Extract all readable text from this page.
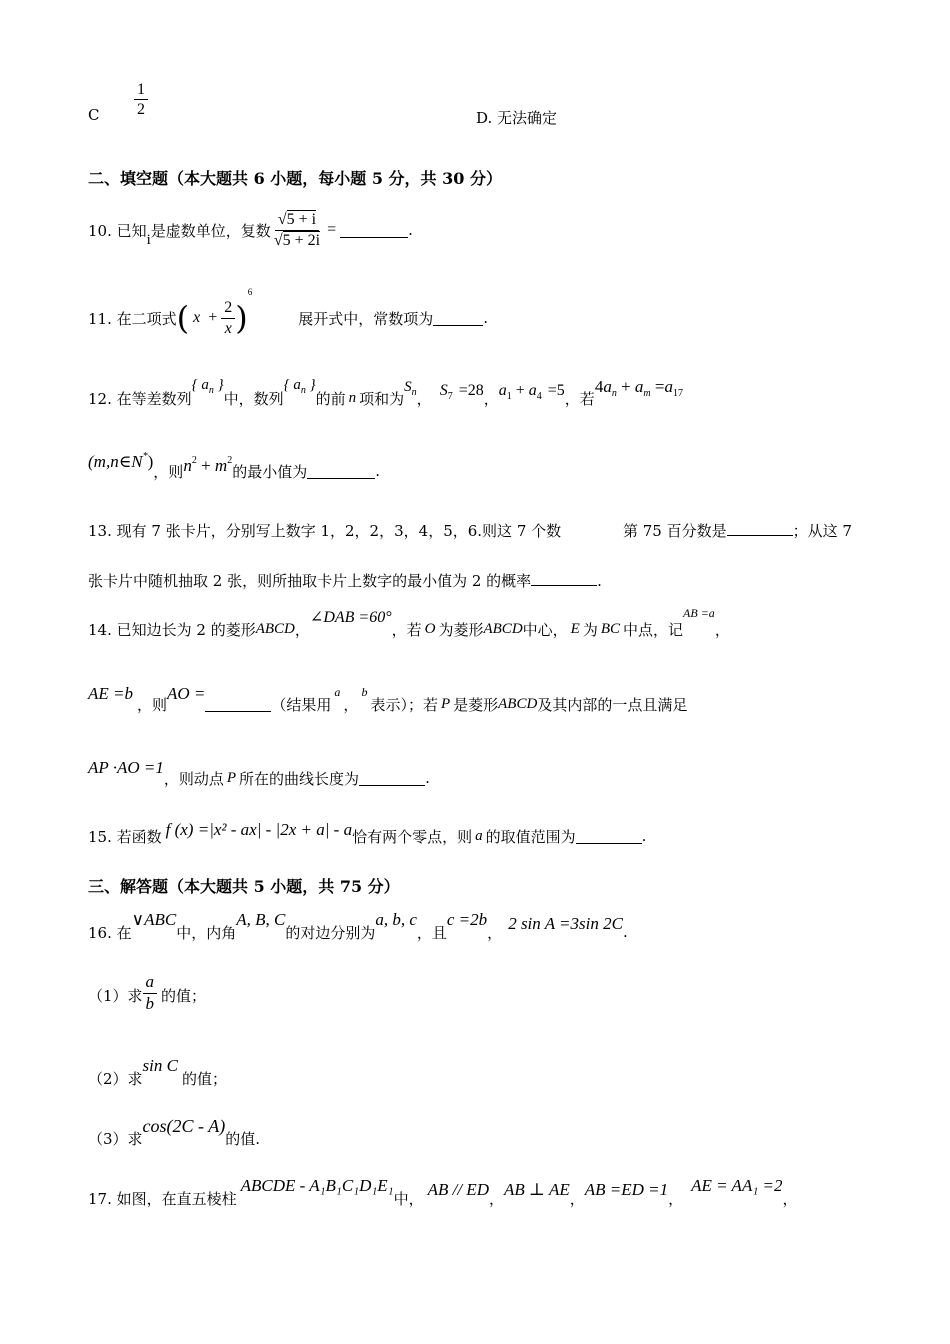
C $\frac{1}{2}$	D. 无法确定
二、填空题（本大题共 6 小题，每小题 5 分，共 30 分）
10. 已知 i 是虚数单位，复数 $\frac{√5 + i}{√5 + 2i}$ =	.
11. 在二项式 ( $x + \frac{2}{x}$ )
6
展开式中，常数项为	.
12. 在等差数列
{ $a_n$ }
中，数列
{ $a_n$ }
的前 n 项和为
$S_n$ ， $S_7 =28$ ， $a_1 + a_4 =5$ ，若
$4a_n + a_m =a_{17}$
(m,n∈N*)
，则 $n^2 + m^2$
的最小值为	.
13. 现有 7 张卡片，分别写上数字 1，2，2，3，4，5，6.则这 7 个数	第 75 百分数是	；从这 7
张卡片中随机抽取 2 张，则所抽取卡片上数字的最小值为 2 的概率	.
14. 已知边长为 2 的菱形 ABCD ，
∠DAB =60°
，若 O 为菱形 ABCD 中心， E 为 BC 中点，记
AB =a
，
AE =b
，则
AO =
（结果用
a
，
b
表示）；若 P 是菱形 ABCD 及其内部的一点且满足
AP ·AO =1
，则动点 P 所在的曲线长度为	.
15. 若函数 f (x) =|x² - ax| - |2x + a| - a 恰有两个零点，则 a 的取值范围为	.
三、解答题（本大题共 5 小题，共 75 分）
16. 在
∨ABC
中，内角
A, B, C
的对边分别为
a, b, c
，且
c =2b
， 2 sin A =3sin 2C .
（1）求 $\frac{a}{b}$ 的值；
（2）求
sin C
的值；
（3）求
cos(2C - A)
的值.
17. 如图，在直五棱柱
ABCDE - A₁B₁C₁D₁E₁
中， AB // ED ， AB ⊥ AE ， AB =ED =1 ，
AE = AA₁ =2
，
